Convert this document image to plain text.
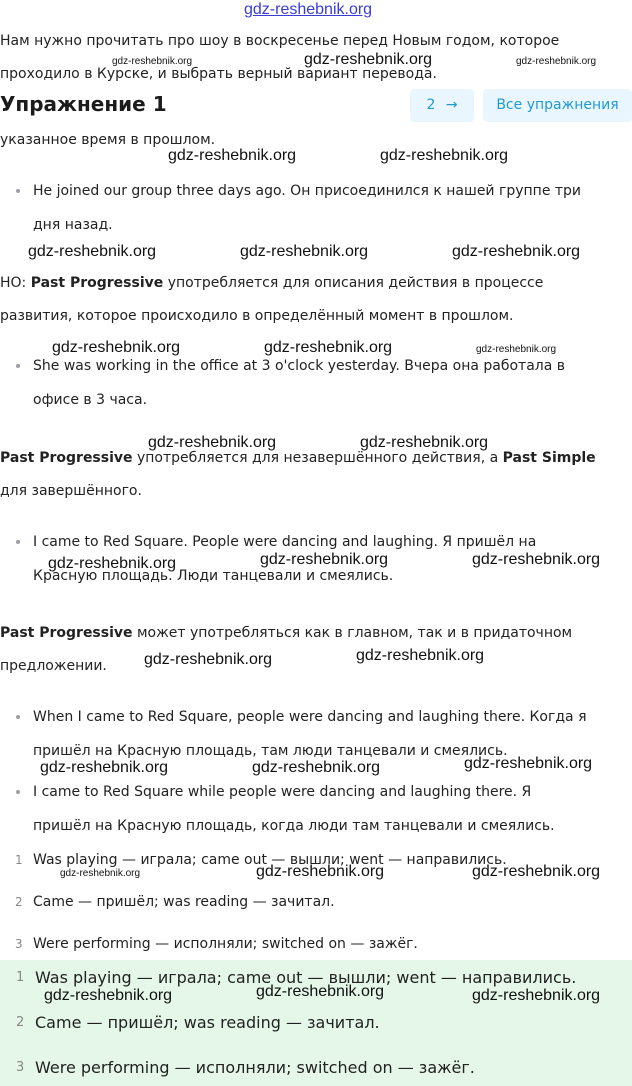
gdz-reshebnik.org
Нам нужно прочитать про шоу в воскресенье перед Новым годом, которое
проходило в Курске, и выбрать верный вариант перевода.
Упражнение 1	2 →	Все упражнения
указанное время в прошлом.
He joined our group three days ago. Он присоединился к нашей группе три
дня назад.
НО: Past Progressive употребляется для описания действия в процессе
развития, которое происходило в определённый момент в прошлом.
She was working in the office at 3 o'clock yesterday. Вчера она работала в
офисе в 3 часа.
Past Progressive употребляется для незавершённого действия, а Past Simple
для завершённого.
I came to Red Square. People were dancing and laughing. Я пришёл на
Красную площадь. Люди танцевали и смеялись.
Past Progressive может употребляться как в главном, так и в придаточном
предложении.
When I came to Red Square, people were dancing and laughing there. Когда я
пришёл на Красную площадь, там люди танцевали и смеялись.
I came to Red Square while people were dancing and laughing there. Я
пришёл на Красную площадь, когда люди там танцевали и смеялись.
1 Was playing — играла; came out — вышли; went — направились.
2 Came — пришёл; was reading — зачитал.
3 Were performing — исполняли; switched on — зажёг.
1 Was playing — играла; came out — вышли; went — направились.
2 Came — пришёл; was reading — зачитал.
3 Were performing — исполняли; switched on — зажёг.
gdz-reshebnik.org	gdz-reshebnik.org	gdz-reshebnik.org
gdz-reshebnik.org	gdz-reshebnik.org
gdz-reshebnik.org	gdz-reshebnik.org	gdz-reshebnik.org
gdz-reshebnik.org	gdz-reshebnik.org	gdz-reshebnik.org
gdz-reshebnik.org	gdz-reshebnik.org
gdz-reshebnik.org	gdz-reshebnik.org	gdz-reshebnik.org
gdz-reshebnik.org	gdz-reshebnik.org
gdz-reshebnik.org	gdz-reshebnik.org	gdz-reshebnik.org
gdz-reshebnik.org	gdz-reshebnik.org	gdz-reshebnik.org
gdz-reshebnik.org	gdz-reshebnik.org	gdz-reshebnik.org
